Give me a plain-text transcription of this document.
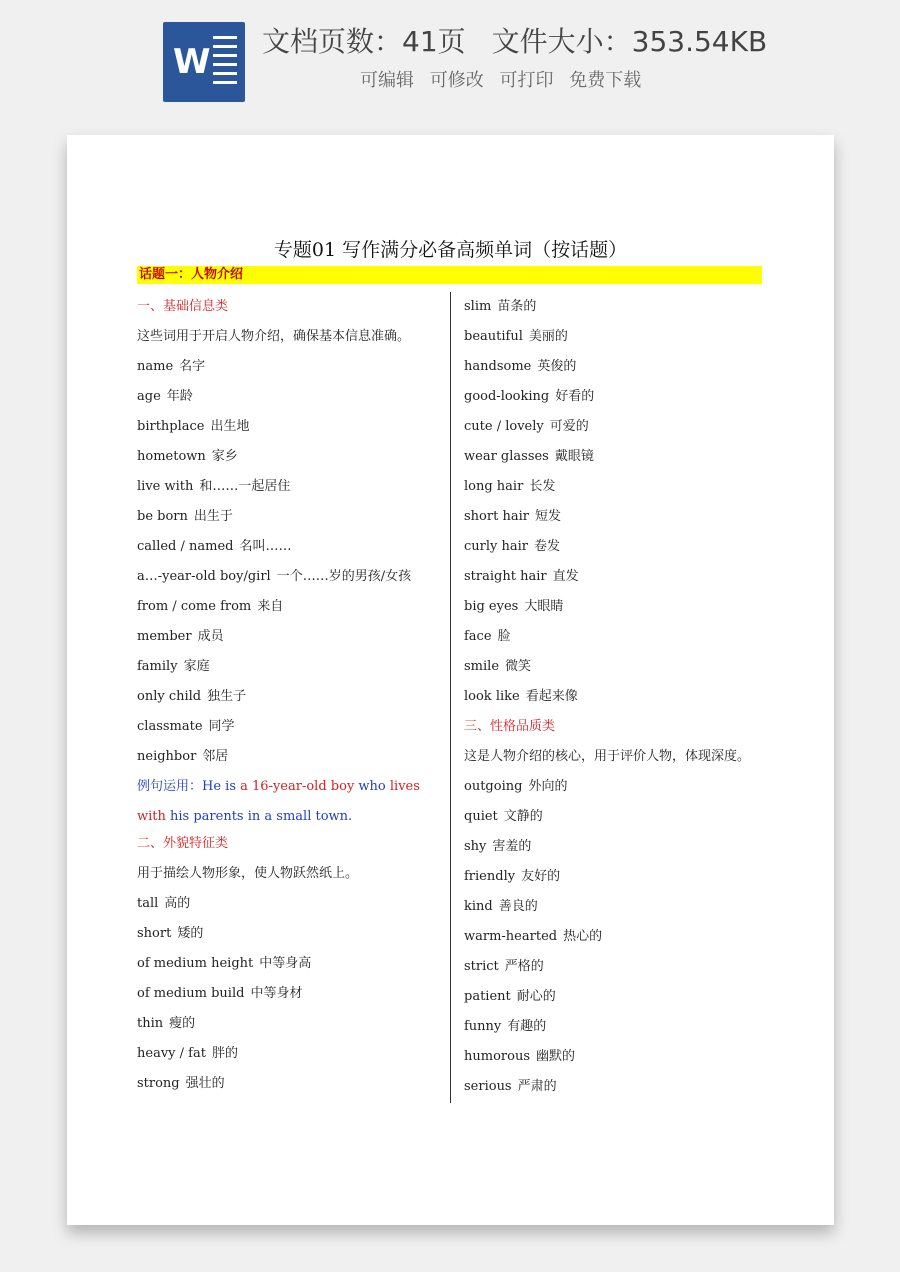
W
文档页数：41页 文件大小：353.54KB
可编辑 可修改 可打印 免费下载
专题01 写作满分必备高频单词（按话题）
话题一：人物介绍
一、基础信息类
这些词用于开启人物介绍，确保基本信息准确。
name 名字
age 年龄
birthplace 出生地
hometown 家乡
live with 和……一起居住
be born 出生于
called / named 名叫……
a…-year-old boy/girl 一个……岁的男孩/女孩
from / come from 来自
member 成员
family 家庭
only child 独生子
classmate 同学
neighbor 邻居
例句运用：He is a 16-year-old boy who lives with his parents in a small town.
二、外貌特征类
用于描绘人物形象，使人物跃然纸上。
tall 高的
short 矮的
of medium height 中等身高
of medium build 中等身材
thin 瘦的
heavy / fat 胖的
strong 强壮的
slim 苗条的
beautiful 美丽的
handsome 英俊的
good-looking 好看的
cute / lovely 可爱的
wear glasses 戴眼镜
long hair 长发
short hair 短发
curly hair 卷发
straight hair 直发
big eyes 大眼睛
face 脸
smile 微笑
look like 看起来像
三、性格品质类
这是人物介绍的核心，用于评价人物，体现深度。
outgoing 外向的
quiet 文静的
shy 害羞的
friendly 友好的
kind 善良的
warm-hearted 热心的
strict 严格的
patient 耐心的
funny 有趣的
humorous 幽默的
serious 严肃的
